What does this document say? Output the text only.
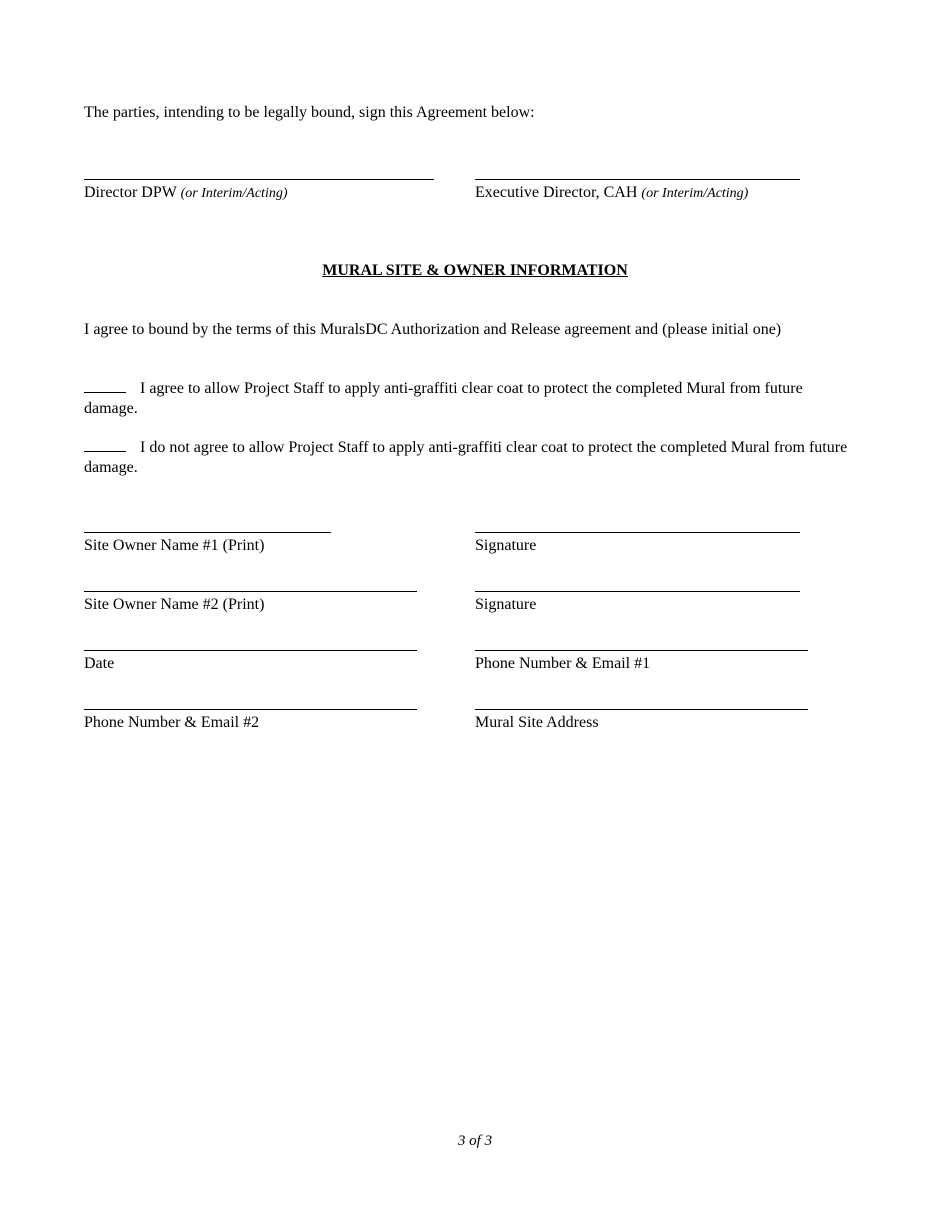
The parties, intending to be legally bound, sign this Agreement below:
Director DPW (or Interim/Acting)	Executive Director, CAH (or Interim/Acting)
MURAL SITE & OWNER INFORMATION
I agree to bound by the terms of this MuralsDC Authorization and Release agreement and (please initial one)
I agree to allow Project Staff to apply anti-graffiti clear coat to protect the completed Mural from future damage.
I do not agree to allow Project Staff to apply anti-graffiti clear coat to protect the completed Mural from future damage.
Site Owner Name #1 (Print)	Signature
Site Owner Name #2 (Print)	Signature
Date	Phone Number & Email #1
Phone Number & Email #2	Mural Site Address
3 of 3
